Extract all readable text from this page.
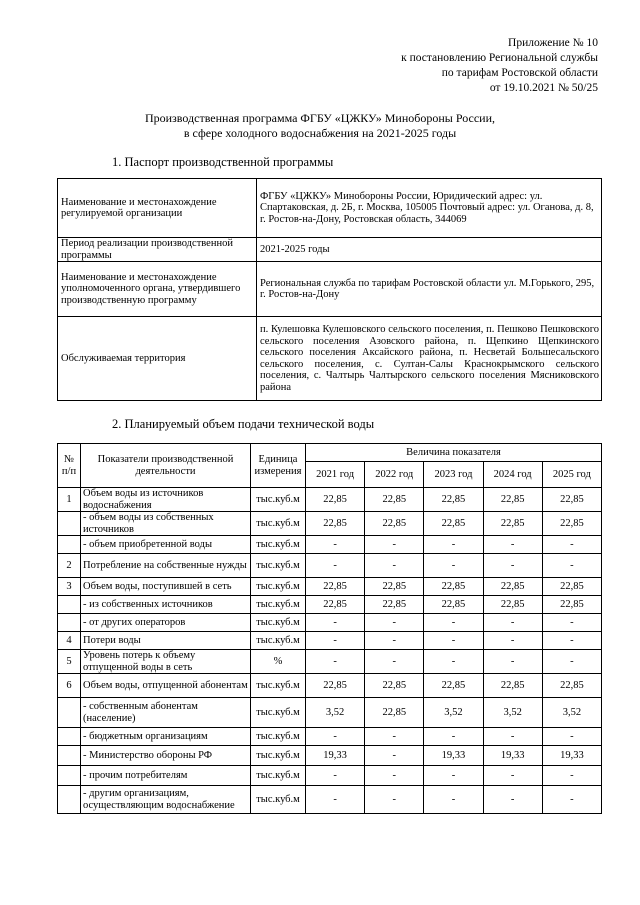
Приложение № 10
к постановлению Региональной службы
по тарифам Ростовской области
от 19.10.2021 № 50/25
Производственная программа ФГБУ «ЦЖКУ» Минобороны России,
в сфере холодного водоснабжения на 2021-2025 годы
1. Паспорт производственной программы
Наименование и местонахождение регулируемой организации	ФГБУ «ЦЖКУ» Минобороны России, Юридический адрес: ул. Спартаковская, д. 2Б, г. Москва, 105005 Почтовый адрес: ул. Оганова, д. 8, г. Ростов-на-Дону, Ростовская область, 344069
Период реализации производственной программы	2021-2025 годы
Наименование и местонахождение уполномоченного органа, утвердившего производственную программу	Региональная служба по тарифам Ростовской области ул. М.Горького, 295, г. Ростов-на-Дону
Обслуживаемая территория	п. Кулешовка Кулешовского сельского поселения, п. Пешково Пешковского сельского поселения Азовского района, п. Щепкино Щепкинского сельского поселения Аксайского района, п. Несветай Большесальского сельского поселения, с. Султан-Салы Краснокрымского сельского поселения, с. Чалтырь Чалтырского сельского поселения Мясниковского района
2. Планируемый объем подачи технической воды
№ п/п	Показатели производственной деятельности	Единица измерения	Величина показателя				
			2021 год	2022 год	2023 год	2024 год	2025 год
1	Объем воды из источников водоснабжения	тыс.куб.м	22,85	22,85	22,85	22,85	22,85
	- объем воды из собственных источников	тыс.куб.м	22,85	22,85	22,85	22,85	22,85
	- объем приобретенной воды	тыс.куб.м	-	-	-	-	-
2	Потребление на собственные нужды	тыс.куб.м	-	-	-	-	-
3	Объем воды, поступившей в сеть	тыс.куб.м	22,85	22,85	22,85	22,85	22,85
	- из собственных источников	тыс.куб.м	22,85	22,85	22,85	22,85	22,85
	- от других операторов	тыс.куб.м	-	-	-	-	-
4	Потери воды	тыс.куб.м	-	-	-	-	-
5	Уровень потерь к объему отпущенной воды в сеть	%	-	-	-	-	-
6	Объем воды, отпущенной абонентам	тыс.куб.м	22,85	22,85	22,85	22,85	22,85
	- собственным абонентам (население)	тыс.куб.м	3,52	22,85	3,52	3,52	3,52
	- бюджетным организациям	тыс.куб.м	-	-	-	-	-
	- Министерство обороны РФ	тыс.куб.м	19,33	-	19,33	19,33	19,33
	- прочим потребителям	тыс.куб.м	-	-	-	-	-
	- другим организациям, осуществляющим водоснабжение	тыс.куб.м	-	-	-	-	-
